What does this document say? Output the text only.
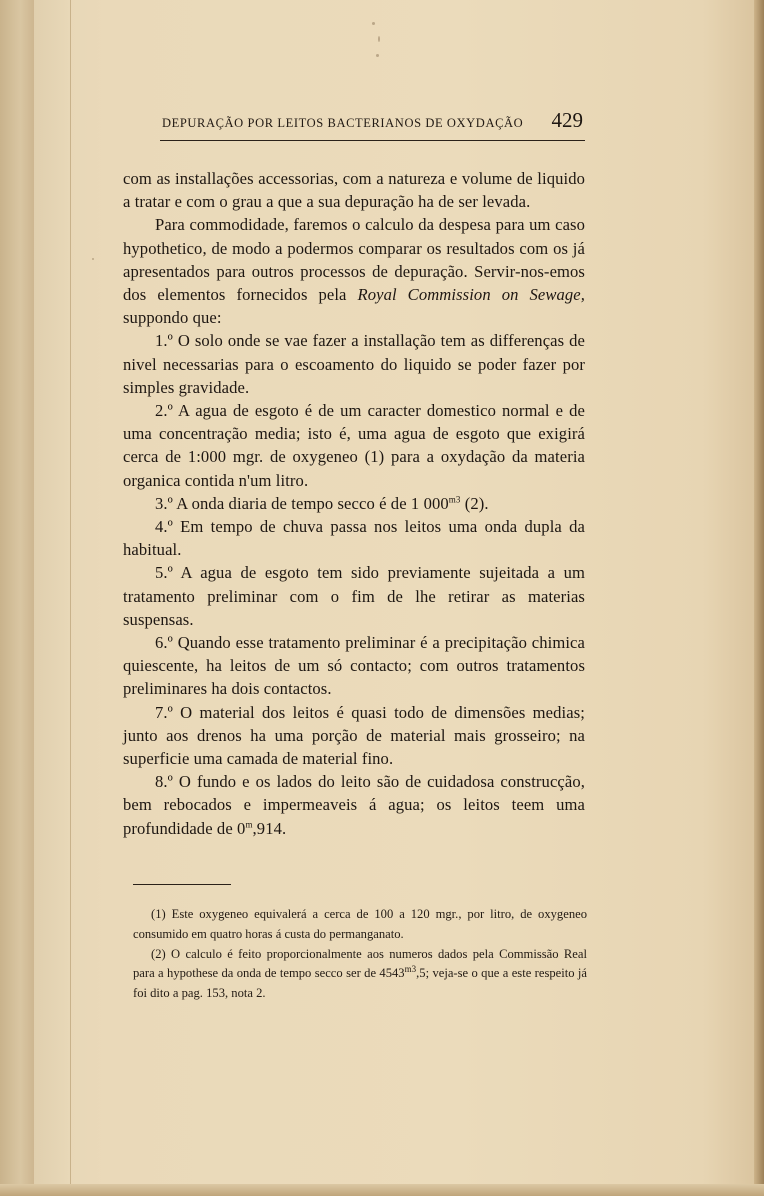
DEPURAÇÃO POR LEITOS BACTERIANOS DE OXYDAÇÃO 429

com as installações accessorias, com a natureza e volume de liquido a tratar e com o grau a que a sua depuração ha de ser levada.

Para commodidade, faremos o calculo da despesa para um caso hypothetico, de modo a podermos comparar os resultados com os já apresentados para outros processos de depuração. Servir-nos-emos dos elementos fornecidos pela Royal Commission on Sewage, suppondo que:

1.º O solo onde se vae fazer a installação tem as differenças de nivel necessarias para o escoamento do liquido se poder fazer por simples gravidade.

2.º A agua de esgoto é de um caracter domestico normal e de uma concentração media; isto é, uma agua de esgoto que exigirá cerca de 1:000 mgr. de oxygeneo (1) para a oxydação da materia organica contida n'um litro.

3.º A onda diaria de tempo secco é de 1 $000^{m3}$ (2).

4.º Em tempo de chuva passa nos leitos uma onda dupla da habitual.

5.º A agua de esgoto tem sido previamente sujeitada a um tratamento preliminar com o fim de lhe retirar as materias suspensas.

6.º Quando esse tratamento preliminar é a precipitação chimica quiescente, ha leitos de um só contacto; com outros tratamentos preliminares ha dois contactos.

7.º O material dos leitos é quasi todo de dimensões medias; junto aos drenos ha uma porção de material mais grosseiro; na superficie uma camada de material fino.

8.º O fundo e os lados do leito são de cuidadosa construcção, bem rebocados e impermeaveis á agua; os leitos teem uma profundidade de 0$^m$,914.

(1) Este oxygeneo equivalerá a cerca de 100 a 120 mgr., por litro, de oxygeneo consumido em quatro horas á custa do permanganato.

(2) O calculo é feito proporcionalmente aos numeros dados pela Commissão Real para a hypothese da onda de tempo secco ser de $4543^{m3},5$; veja-se o que a este respeito já foi dito a pag. 153, nota 2.
